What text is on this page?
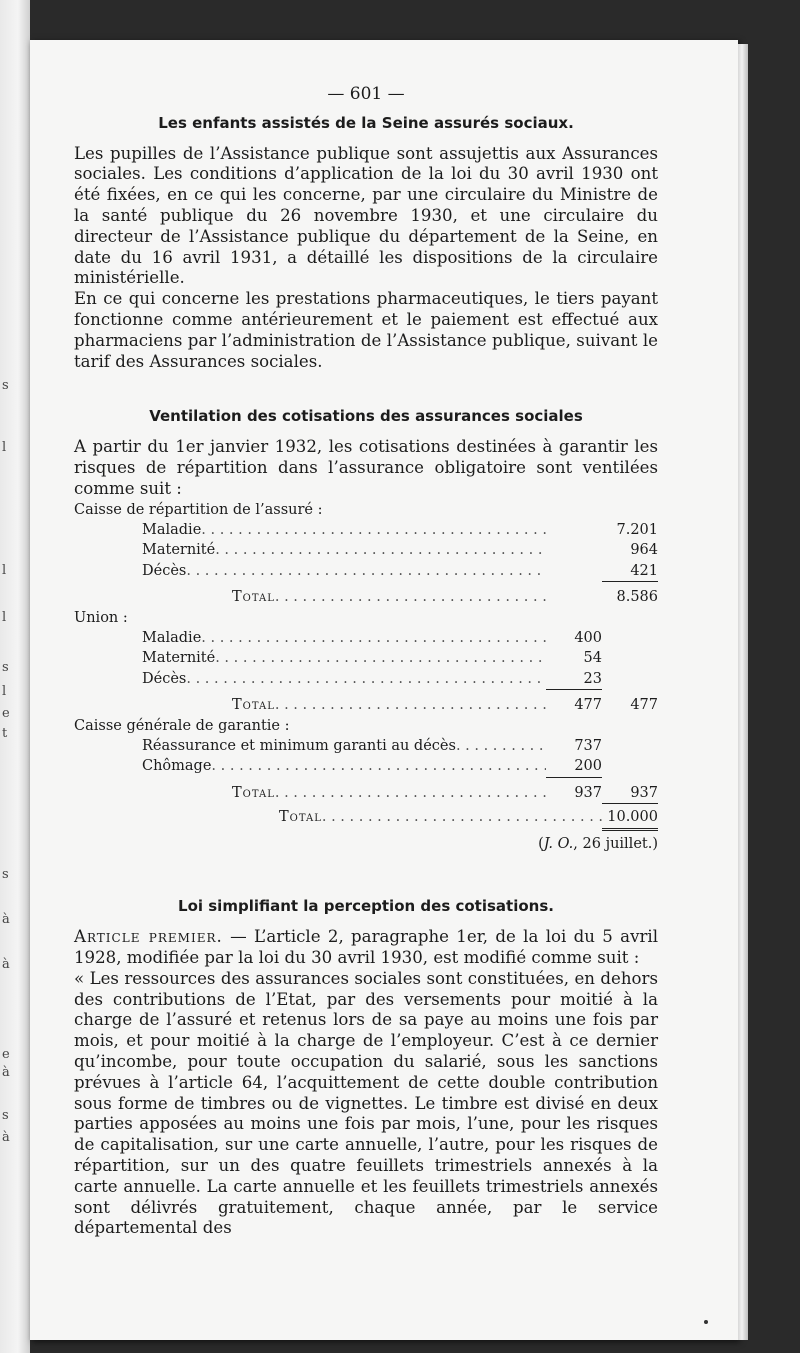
s
l
l
l
s
l
e
t
s
à
à
e
à
s
à
— 601 —
Les enfants assistés de la Seine assurés sociaux.

Les pupilles de l’Assistance publique sont assujettis aux Assurances sociales. Les conditions d’application de la loi du 30 avril 1930 ont été fixées, en ce qui les concerne, par une circulaire du Ministre de la santé publique du 26 novembre 1930, et une circulaire du directeur de l’Assistance publique du département de la Seine, en date du 16 avril 1931, a détaillé les dispositions de la circulaire ministérielle.

En ce qui concerne les prestations pharmaceutiques, le tiers payant fonctionne comme antérieurement et le paiement est effectué aux pharmaciens par l’administration de l’Assistance publique, suivant le tarif des Assurances sociales.

Ventilation des cotisations des assurances sociales

A partir du 1er janvier 1932, les cotisations destinées à garantir les risques de répartition dans l’assurance obligatoire sont ventilées comme suit :

Caisse de répartition de l’assuré :
Maladie . . .	7.201
Maternité . . .	964
Décès . . .	421
Total . . .	8.586
Union :
Maladie . . .	400
Maternité . . .	54
Décès . . .	23
Total . . .	477	477
Caisse générale de garantie :
Réassurance et minimum garanti au décès . . .	737
Chômage . . .	200
Total . . .	937	937
Total . . .	10.000
(J. O., 26 juillet.)
Loi simplifiant la perception des cotisations.

Article premier. — L’article 2, paragraphe 1er, de la loi du 5 avril 1928, modifiée par la loi du 30 avril 1930, est modifié comme suit :

« Les ressources des assurances sociales sont constituées, en dehors des contributions de l’Etat, par des versements pour moitié à la charge de l’assuré et retenus lors de sa paye au moins une fois par mois, et pour moitié à la charge de l’employeur. C’est à ce dernier qu’incombe, pour toute occupation du salarié, sous les sanctions prévues à l’article 64, l’acquittement de cette double contribution sous forme de timbres ou de vignettes. Le timbre est divisé en deux parties apposées au moins une fois par mois, l’une, pour les risques de capitalisation, sur une carte annuelle, l’autre, pour les risques de répartition, sur un des quatre feuillets trimestriels annexés à la carte annuelle. La carte annuelle et les feuillets trimestriels annexés sont délivrés gratuitement, chaque année, par le service départemental des
